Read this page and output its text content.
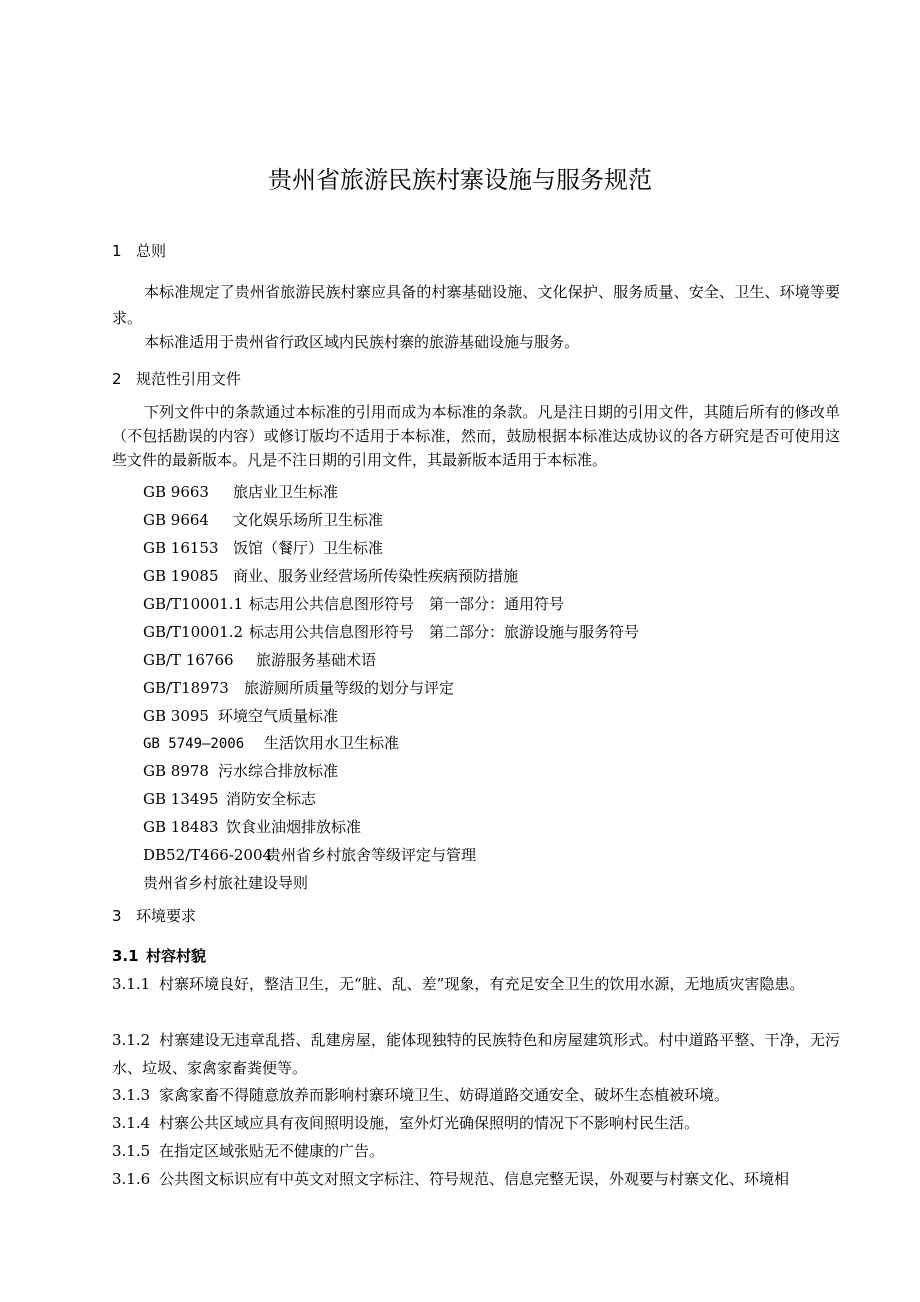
贵州省旅游民族村寨设施与服务规范
1 总则
本标准规定了贵州省旅游民族村寨应具备的村寨基础设施、文化保护、服务质量、安全、卫生、环境等要求。
本标准适用于贵州省行政区域内民族村寨的旅游基础设施与服务。
2 规范性引用文件
下列文件中的条款通过本标准的引用而成为本标准的条款。凡是注日期的引用文件，其随后所有的修改单（不包括勘误的内容）或修订版均不适用于本标准，然而，鼓励根据本标准达成协议的各方研究是否可使用这些文件的最新版本。凡是不注日期的引用文件，其最新版本适用于本标准。
GB 9663 旅店业卫生标准
GB 9664 文化娱乐场所卫生标准
GB 16153 饭馆（餐厅）卫生标准
GB 19085 商业、服务业经营场所传染性疾病预防措施
GB/T10001.1 标志用公共信息图形符号　第一部分：通用符号
GB/T10001.2 标志用公共信息图形符号　第二部分：旅游设施与服务符号
GB/T 16766 旅游服务基础术语
GB/T18973 旅游厕所质量等级的划分与评定
GB 3095 环境空气质量标准
GB 5749—2006 生活饮用水卫生标准
GB 8978 污水综合排放标准
GB 13495 消防安全标志
GB 18483 饮食业油烟排放标准
DB52/T466-2004贵州省乡村旅舍等级评定与管理
贵州省乡村旅社建设导则
3 环境要求
3.1 村容村貌
3.1.1 村寨环境良好，整洁卫生，无“脏、乱、差”现象，有充足安全卫生的饮用水源，无地质灾害隐患。
3.1.2 村寨建设无违章乱搭、乱建房屋，能体现独特的民族特色和房屋建筑形式。村中道路平整、干净，无污水、垃圾、家禽家畜粪便等。
3.1.3 家禽家畜不得随意放养而影响村寨环境卫生、妨碍道路交通安全、破坏生态植被环境。
3.1.4 村寨公共区域应具有夜间照明设施，室外灯光确保照明的情况下不影响村民生活。
3.1.5 在指定区域张贴无不健康的广告。
3.1.6 公共图文标识应有中英文对照文字标注、符号规范、信息完整无误，外观要与村寨文化、环境相
